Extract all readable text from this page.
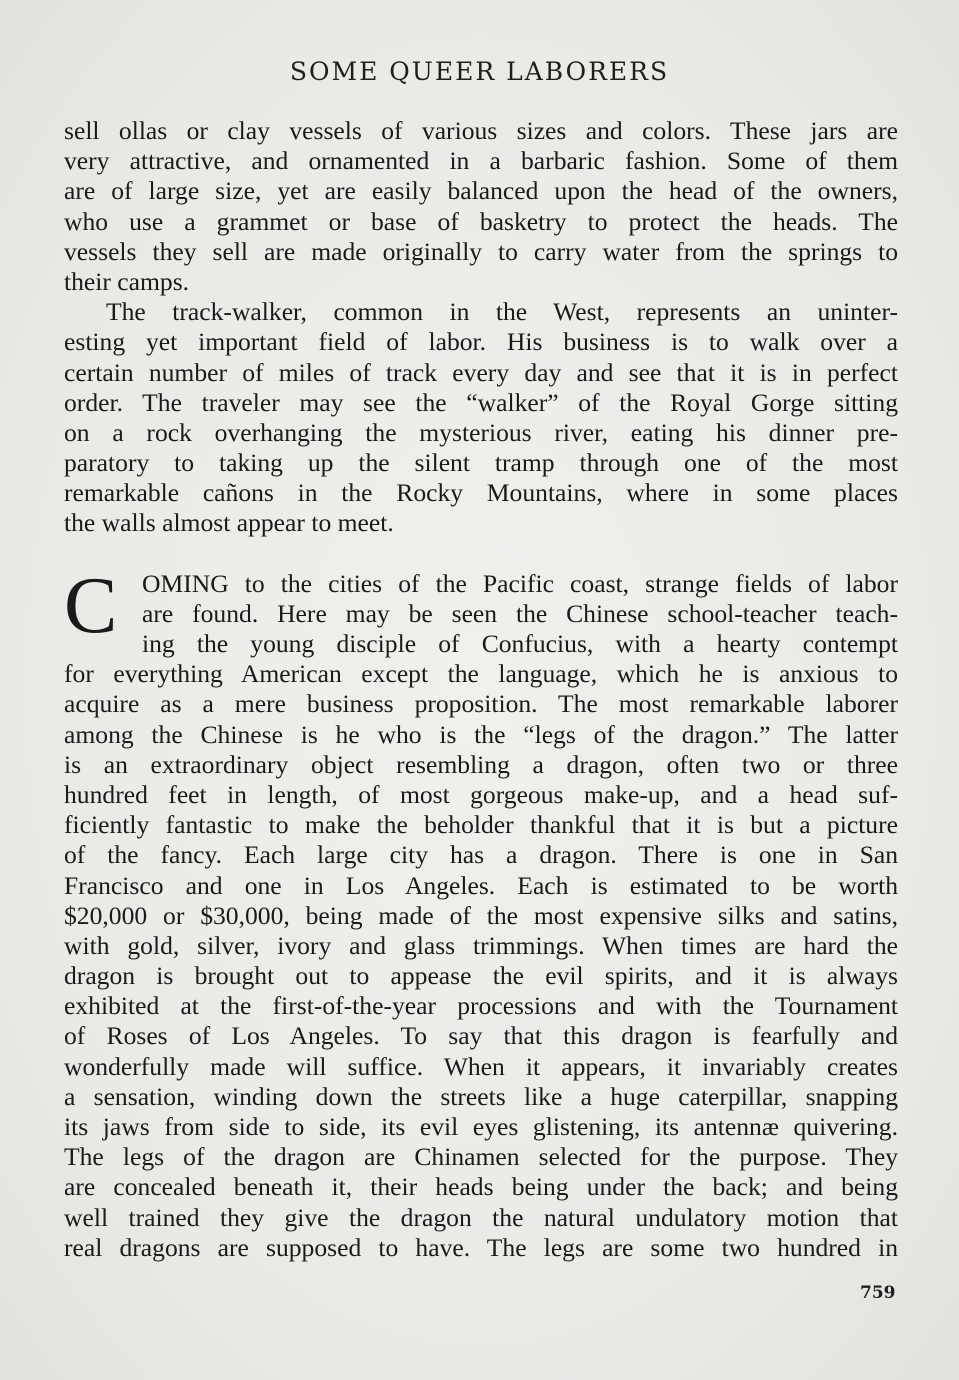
SOME QUEER LABORERS
sell ollas or clay vessels of various sizes and colors. These jars are
very attractive, and ornamented in a barbaric fashion. Some of them
are of large size, yet are easily balanced upon the head of the owners,
who use a grammet or base of basketry to protect the heads. The
vessels they sell are made originally to carry water from the springs to
their camps.
The track-walker, common in the West, represents an uninter-
esting yet important field of labor. His business is to walk over a
certain number of miles of track every day and see that it is in perfect
order. The traveler may see the “walker” of the Royal Gorge sitting
on a rock overhanging the mysterious river, eating his dinner pre-
paratory to taking up the silent tramp through one of the most
remarkable cañons in the Rocky Mountains, where in some places
the walls almost appear to meet.
C OMING to the cities of the Pacific coast, strange fields of labor
are found. Here may be seen the Chinese school-teacher teach-
ing the young disciple of Confucius, with a hearty contempt
for everything American except the language, which he is anxious to
acquire as a mere business proposition. The most remarkable laborer
among the Chinese is he who is the “legs of the dragon.” The latter
is an extraordinary object resembling a dragon, often two or three
hundred feet in length, of most gorgeous make-up, and a head suf-
ficiently fantastic to make the beholder thankful that it is but a picture
of the fancy. Each large city has a dragon. There is one in San
Francisco and one in Los Angeles. Each is estimated to be worth
$20,000 or $30,000, being made of the most expensive silks and satins,
with gold, silver, ivory and glass trimmings. When times are hard the
dragon is brought out to appease the evil spirits, and it is always
exhibited at the first-of-the-year processions and with the Tournament
of Roses of Los Angeles. To say that this dragon is fearfully and
wonderfully made will suffice. When it appears, it invariably creates
a sensation, winding down the streets like a huge caterpillar, snapping
its jaws from side to side, its evil eyes glistening, its antennæ quivering.
The legs of the dragon are Chinamen selected for the purpose. They
are concealed beneath it, their heads being under the back; and being
well trained they give the dragon the natural undulatory motion that
real dragons are supposed to have. The legs are some two hundred in
759
